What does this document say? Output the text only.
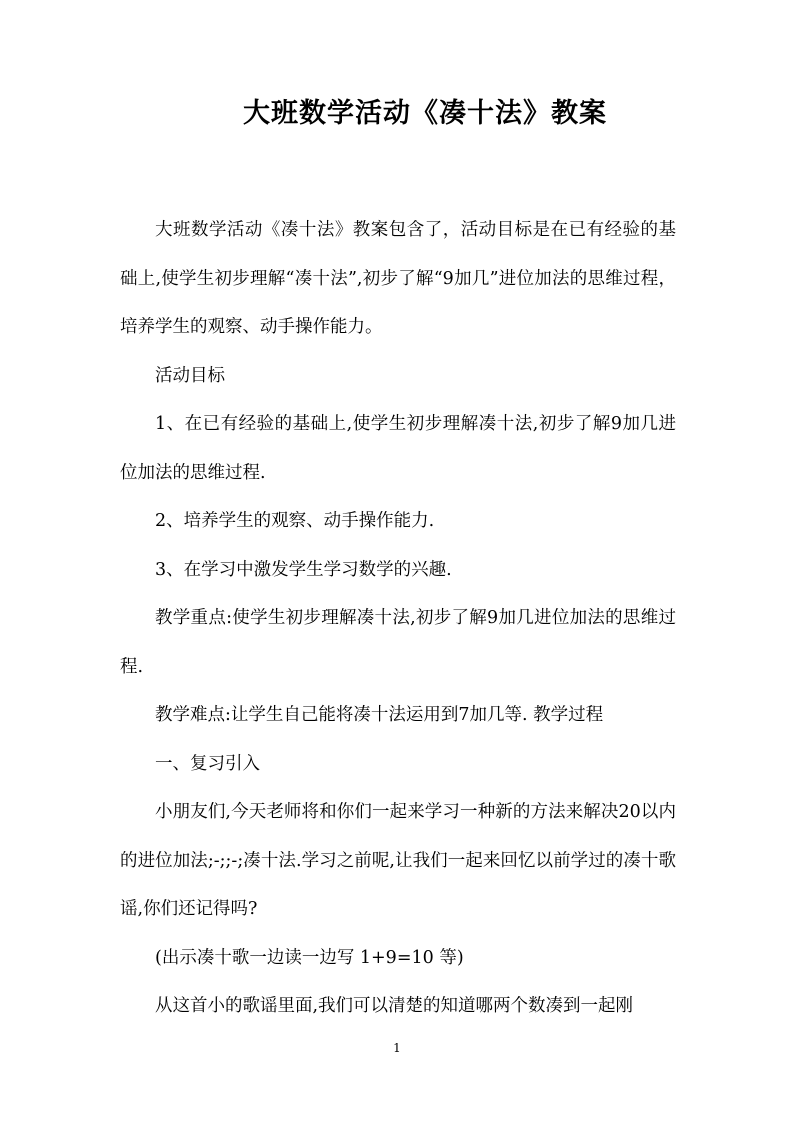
大班数学活动《凑十法》教案

大班数学活动《凑十法》教案包含了，活动目标是在已有经验的基础上,使学生初步理解“凑十法”,初步了解“9加几”进位加法的思维过程，培养学生的观察、动手操作能力。

活动目标

1、在已有经验的基础上,使学生初步理解凑十法,初步了解9加几进位加法的思维过程.

2、培养学生的观察、动手操作能力.

3、在学习中激发学生学习数学的兴趣.

教学重点:使学生初步理解凑十法,初步了解9加几进位加法的思维过程.

教学难点:让学生自己能将凑十法运用到7加几等. 教学过程

一、复习引入

小朋友们,今天老师将和你们一起来学习一种新的方法来解决20以内的进位加法;-;;-;凑十法.学习之前呢,让我们一起来回忆以前学过的凑十歌谣,你们还记得吗?

(出示凑十歌一边读一边写 1+9=10 等)

从这首小的歌谣里面,我们可以清楚的知道哪两个数凑到一起刚

1
